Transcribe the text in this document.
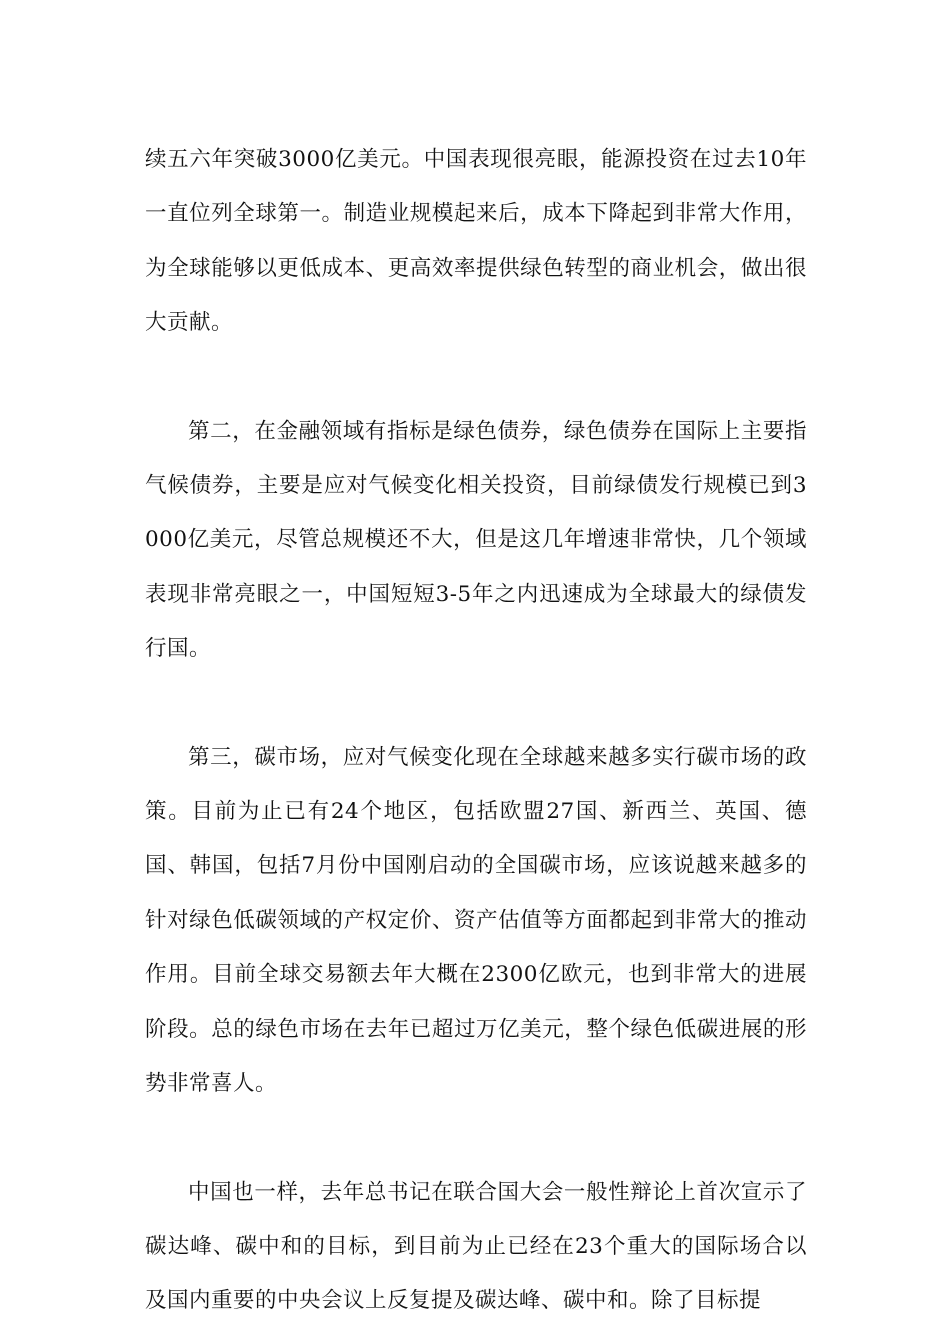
续五六年突破3000亿美元。中国表现很亮眼，能源投资在过去10年一直位列全球第一。制造业规模起来后，成本下降起到非常大作用，为全球能够以更低成本、更高效率提供绿色转型的商业机会，做出很大贡献。

第二，在金融领域有指标是绿色债券，绿色债券在国际上主要指气候债券，主要是应对气候变化相关投资，目前绿债发行规模已到3000亿美元，尽管总规模还不大，但是这几年增速非常快，几个领域表现非常亮眼之一，中国短短3-5年之内迅速成为全球最大的绿债发行国。

第三，碳市场，应对气候变化现在全球越来越多实行碳市场的政策。目前为止已有24个地区，包括欧盟27国、新西兰、英国、德国、韩国，包括7月份中国刚启动的全国碳市场，应该说越来越多的针对绿色低碳领域的产权定价、资产估值等方面都起到非常大的推动作用。目前全球交易额去年大概在2300亿欧元，也到非常大的进展阶段。总的绿色市场在去年已超过万亿美元，整个绿色低碳进展的形势非常喜人。

中国也一样，去年总书记在联合国大会一般性辩论上首次宣示了碳达峰、碳中和的目标，到目前为止已经在23个重大的国际场合以及国内重要的中央会议上反复提及碳达峰、碳中和。除了目标提
